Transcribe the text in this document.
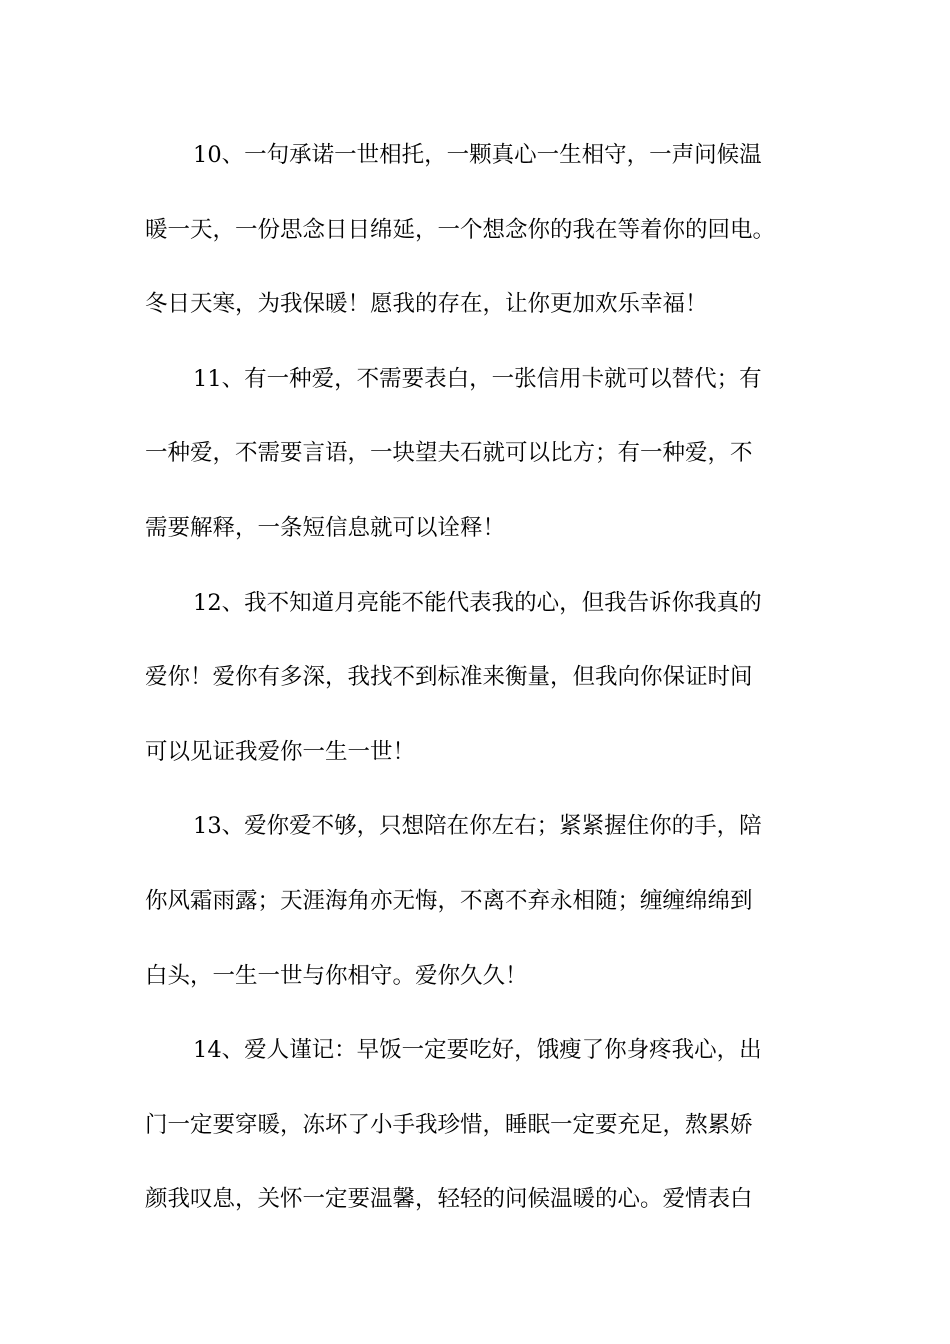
10、一句承诺一世相托，一颗真心一生相守，一声问候温
暖一天，一份思念日日绵延，一个想念你的我在等着你的回电。
冬日天寒，为我保暖！愿我的存在，让你更加欢乐幸福！
11、有一种爱，不需要表白，一张信用卡就可以替代；有
一种爱，不需要言语，一块望夫石就可以比方；有一种爱，不
需要解释，一条短信息就可以诠释！
12、我不知道月亮能不能代表我的心，但我告诉你我真的
爱你！爱你有多深，我找不到标准来衡量，但我向你保证时间
可以见证我爱你一生一世！
13、爱你爱不够，只想陪在你左右；紧紧握住你的手，陪
你风霜雨露；天涯海角亦无悔，不离不弃永相随；缠缠绵绵到
白头，一生一世与你相守。爱你久久！
14、爱人谨记：早饭一定要吃好，饿瘦了你身疼我心，出
门一定要穿暖，冻坏了小手我珍惜，睡眠一定要充足，熬累娇
颜我叹息，关怀一定要温馨，轻轻的问候温暖的心。爱情表白
